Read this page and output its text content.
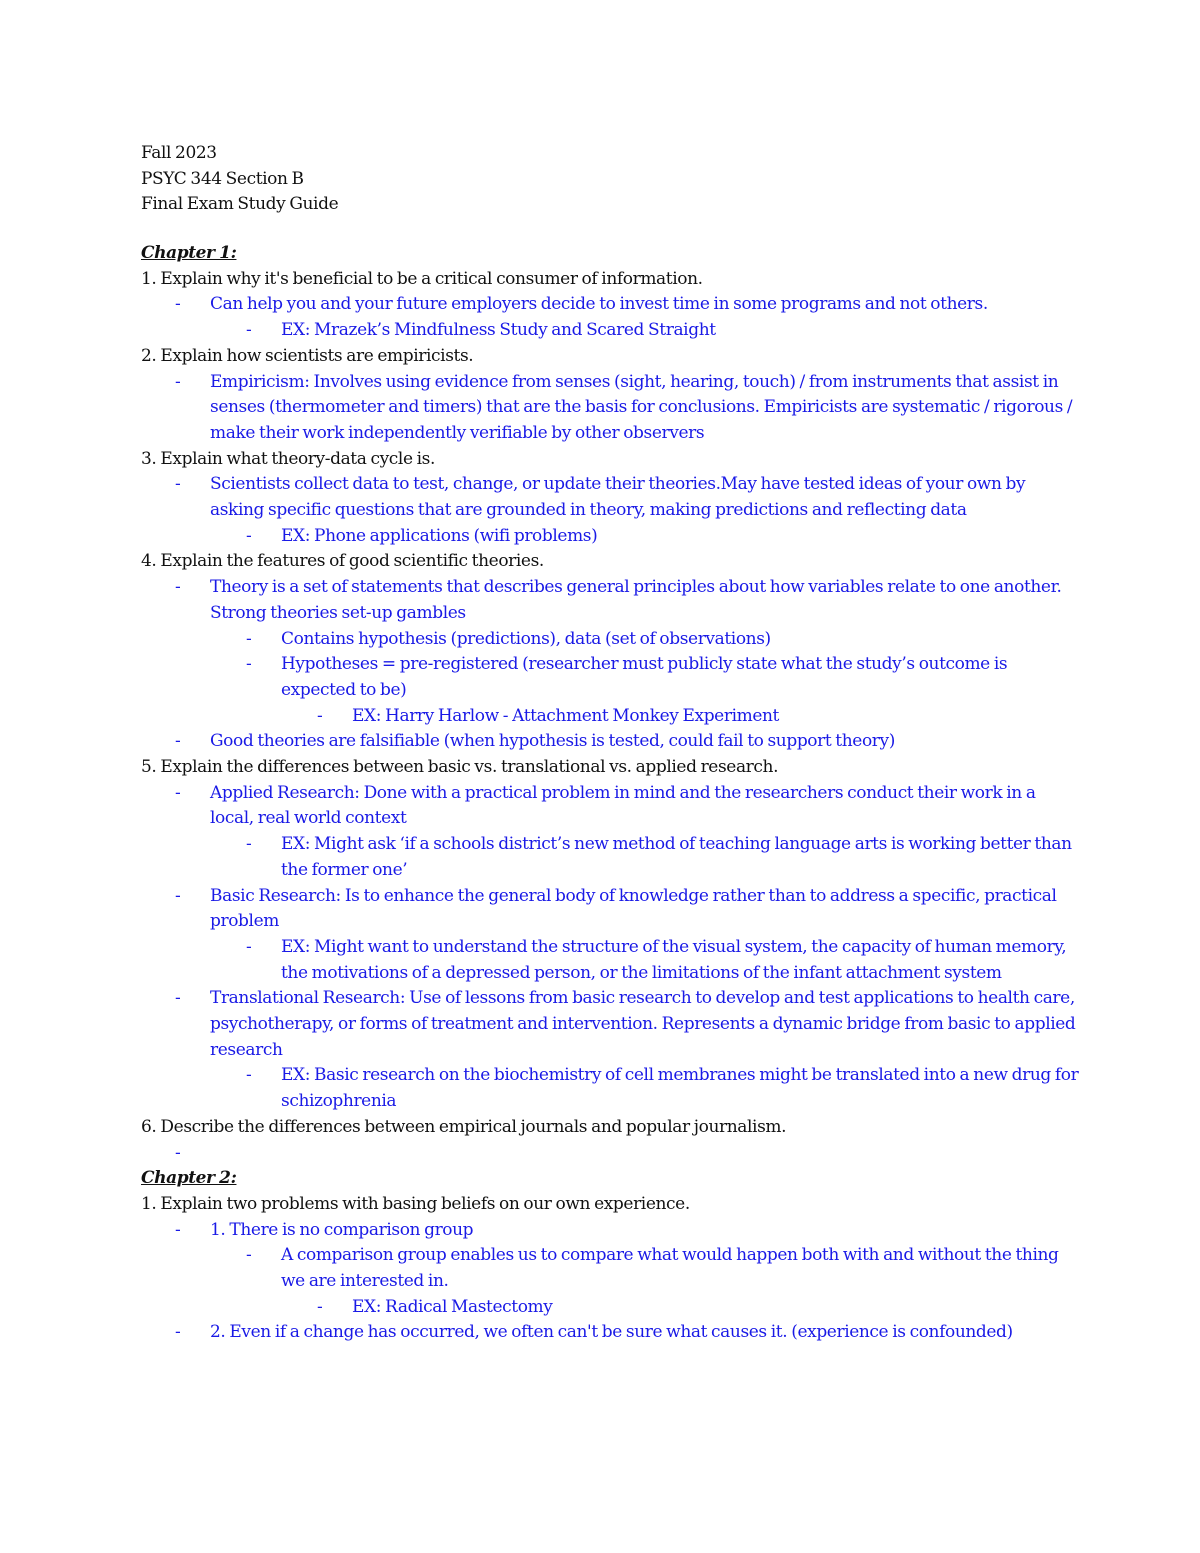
Fall 2023
PSYC 344 Section B
Final Exam Study Guide
Chapter 1:
1. Explain why it's beneficial to be a critical consumer of information.
- Can help you and your future employers decide to invest time in some programs and not others.
- EX: Mrazek’s Mindfulness Study and Scared Straight
2. Explain how scientists are empiricists.
- Empiricism: Involves using evidence from senses (sight, hearing, touch) / from instruments that assist in senses (thermometer and timers) that are the basis for conclusions. Empiricists are systematic / rigorous / make their work independently verifiable by other observers
3. Explain what theory-data cycle is.
- Scientists collect data to test, change, or update their theories.May have tested ideas of your own by asking specific questions that are grounded in theory, making predictions and reflecting data
- EX: Phone applications (wifi problems)
4. Explain the features of good scientific theories.
- Theory is a set of statements that describes general principles about how variables relate to one another. Strong theories set-up gambles
- Contains hypothesis (predictions), data (set of observations)
- Hypotheses = pre-registered (researcher must publicly state what the study’s outcome is expected to be)
- EX: Harry Harlow - Attachment Monkey Experiment
- Good theories are falsifiable (when hypothesis is tested, could fail to support theory)
5. Explain the differences between basic vs. translational vs. applied research.
- Applied Research: Done with a practical problem in mind and the researchers conduct their work in a local, real world context
- EX: Might ask ‘if a schools district’s new method of teaching language arts is working better than the former one’
- Basic Research: Is to enhance the general body of knowledge rather than to address a specific, practical problem
- EX: Might want to understand the structure of the visual system, the capacity of human memory, the motivations of a depressed person, or the limitations of the infant attachment system
- Translational Research: Use of lessons from basic research to develop and test applications to health care, psychotherapy, or forms of treatment and intervention. Represents a dynamic bridge from basic to applied research
- EX: Basic research on the biochemistry of cell membranes might be translated into a new drug for schizophrenia
6. Describe the differences between empirical journals and popular journalism.
-
Chapter 2:
1. Explain two problems with basing beliefs on our own experience.
- 1. There is no comparison group
- A comparison group enables us to compare what would happen both with and without the thing we are interested in.
- EX: Radical Mastectomy
- 2. Even if a change has occurred, we often can't be sure what causes it. (experience is confounded)
